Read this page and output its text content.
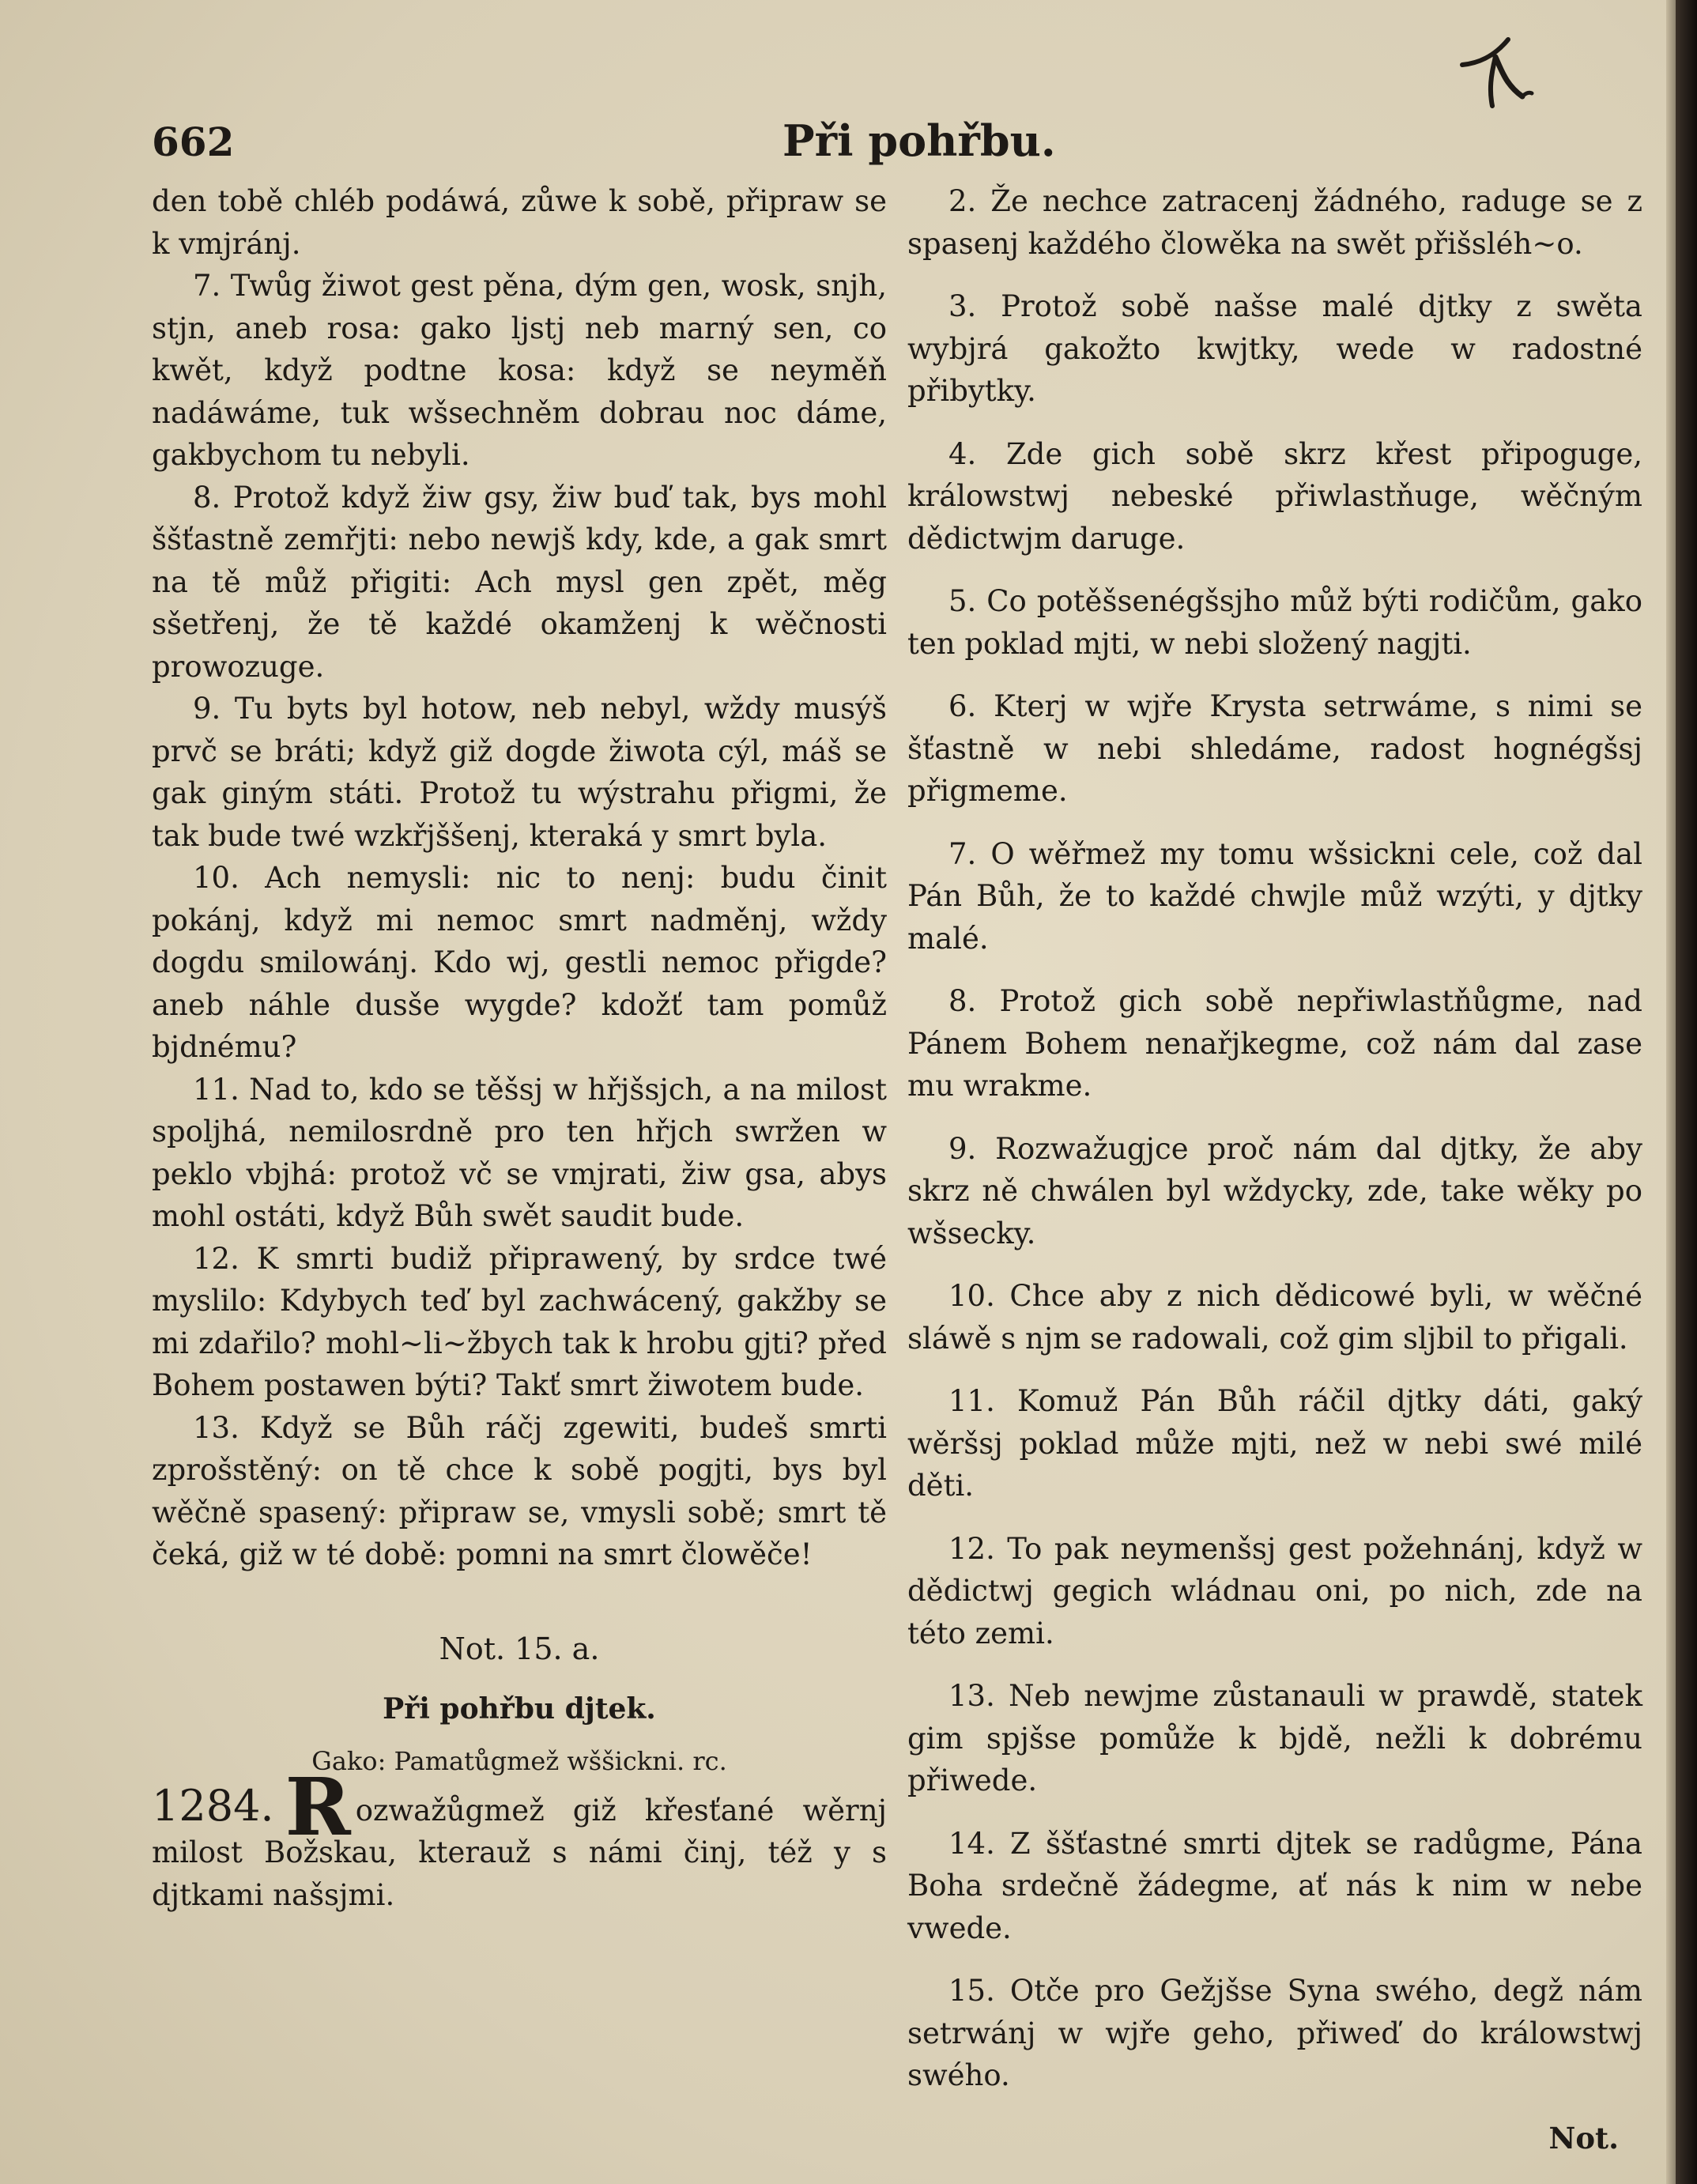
662	Při pohřbu.

den tobě chléb podáwá, zůwe k sobě, připraw se k vmjránj.

7. Twůg žiwot gest pěna, dým gen, wosk, snjh, stjn, aneb rosa: gako ljstj neb marný sen, co kwět, když podtne kosa: když se neyměň nadáwáme, tuk wšsechněm dobrau noc dáme, gakbychom tu nebyli.

8. Protož když žiw gsy, žiw buď tak, bys mohl ššťastně zemřjti: nebo newjš kdy, kde, a gak smrt na tě můž přigiti: Ach mysl gen zpět, měg sšetřenj, že tě každé okamženj k wěčnosti prowozuge.

9. Tu byts byl hotow, neb nebyl, wždy musýš prvč se bráti; když giž dogde žiwota cýl, máš se gak giným státi. Protož tu wýstrahu přigmi, že tak bude twé wzkřjššenj, kteraká y smrt byla.

10. Ach nemysli: nic to nenj: budu činit pokánj, když mi nemoc smrt nadměnj, wždy dogdu smilowánj. Kdo wj, gestli nemoc přigde? aneb náhle dusše wygde? kdožť tam pomůž bjdnému?

11. Nad to, kdo se těšsj w hřjšsjch, a na milost spoljhá, nemilosrdně pro ten hřjch swržen w peklo vbjhá: protož vč se vmjrati, žiw gsa, abys mohl ostáti, když Bůh swět saudit bude.

12. K smrti budiž připrawený, by srdce twé myslilo: Kdybych teď byl zachwácený, gakžby se mi zdařilo? mohl~li~žbych tak k hrobu gjti? před Bohem postawen býti? Takť smrt žiwotem bude.

13. Když se Bůh ráčj zgewiti, budeš smrti zprošstěný: on tě chce k sobě pogjti, bys byl wěčně spasený: připraw se, vmysli sobě; smrt tě čeká, giž w té době: pomni na smrt člowěče!

Not. 15. a.
Při pohřbu djtek.
Gako: Pamatůgmež wššickni. rc.

1284. R ozwažůgmež giž křesťané wěrnj milost Božskau, kterauž s námi činj, též y s djtkami našsjmi.

2. Že nechce zatracenj žádného, raduge se z spasenj každého člowěka na swět přišsléh~o.

3. Protož sobě našse malé djtky z swěta wybjrá gakožto kwjtky, wede w radostné přibytky.

4. Zde gich sobě skrz křest připoguge, králowstwj nebeské přiwlastňuge, wěčným dědictwjm daruge.

5. Co potěšsenégšsjho můž býti rodičům, gako ten poklad mjti, w nebi složený nagjti.

6. Kterj w wjře Krysta setrwáme, s nimi se šťastně w nebi shledáme, radost hognégšsj přigmeme.

7. O wěřmež my tomu wšsickni cele, což dal Pán Bůh, že to každé chwjle můž wzýti, y djtky malé.

8. Protož gich sobě nepřiwlastňůgme, nad Pánem Bohem nenařjkegme, což nám dal zase mu wrakme.

9. Rozwažugjce proč nám dal djtky, že aby skrz ně chwálen byl wždycky, zde, take wěky po wšsecky.

10. Chce aby z nich dědicowé byli, w wěčné sláwě s njm se radowali, což gim sljbil to přigali.

11. Komuž Pán Bůh ráčil djtky dáti, gaký wěršsj poklad může mjti, než w nebi swé milé děti.

12. To pak neymenšsj gest požehnánj, když w dědictwj gegich wládnau oni, po nich, zde na této zemi.

13. Neb newjme zůstanauli w prawdě, statek gim spjšse pomůže k bjdě, nežli k dobrému přiwede.

14. Z ššťastné smrti djtek se radůgme, Pána Boha srdečně žádegme, ať nás k nim w nebe vwede.

15. Otče pro Gežjšse Syna swého, degž nám setrwánj w wjře geho, přiweď do králowstwj swého.

Not.
